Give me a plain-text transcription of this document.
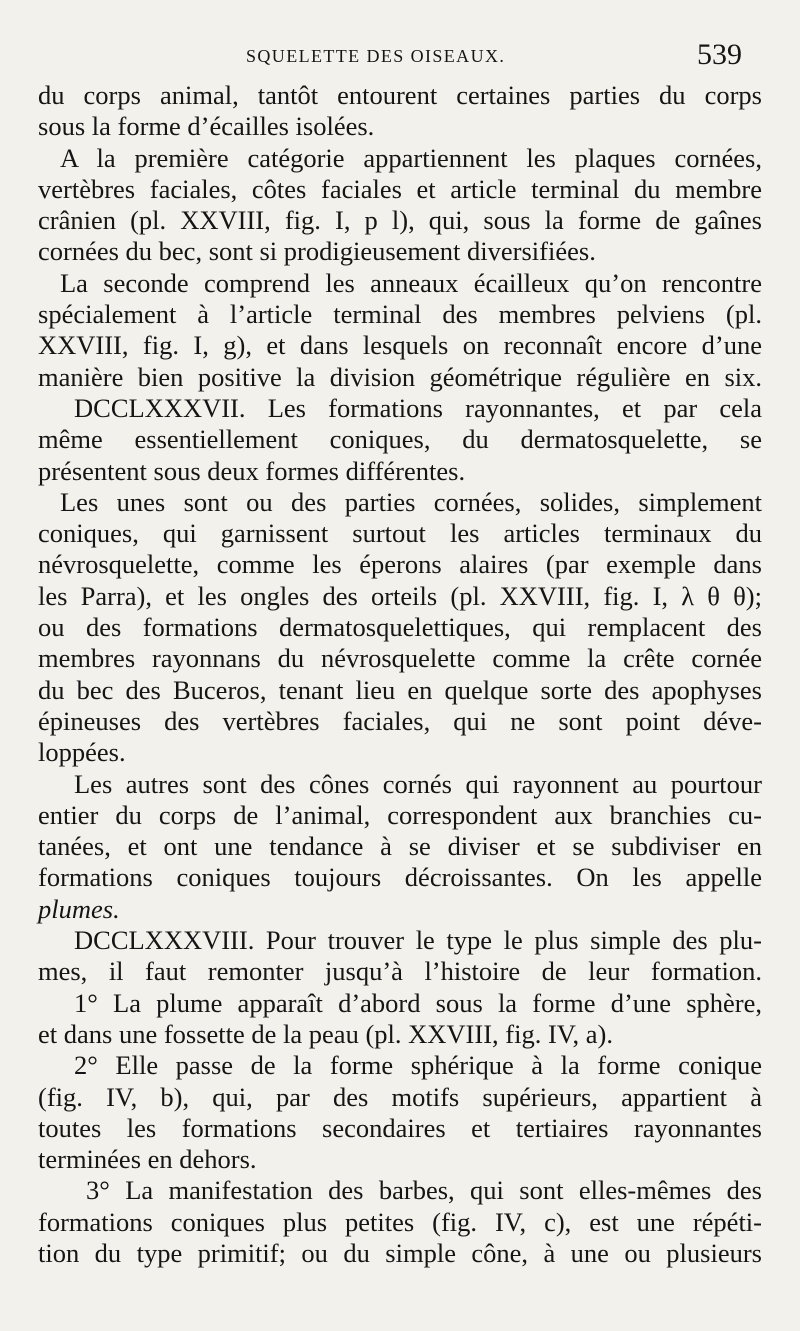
SQUELETTE DES OISEAUX.	539
du corps animal, tantôt entourent certaines parties du corps
sous la forme d’écailles isolées.
A la première catégorie appartiennent les plaques cornées,
vertèbres faciales, côtes faciales et article terminal du membre
crânien (pl. XXVIII, fig. I, p l), qui, sous la forme de gaînes
cornées du bec, sont si prodigieusement diversifiées.
La seconde comprend les anneaux écailleux qu’on rencontre
spécialement à l’article terminal des membres pelviens (pl.
XXVIII, fig. I, g), et dans lesquels on reconnaît encore d’une
manière bien positive la division géométrique régulière en six.
DCCLXXXVII. Les formations rayonnantes, et par cela
même essentiellement coniques, du dermatosquelette, se
présentent sous deux formes différentes.
Les unes sont ou des parties cornées, solides, simplement
coniques, qui garnissent surtout les articles terminaux du
névrosquelette, comme les éperons alaires (par exemple dans
les Parra), et les ongles des orteils (pl. XXVIII, fig. I, λ θ θ);
ou des formations dermatosquelettiques, qui remplacent des
membres rayonnans du névrosquelette comme la crête cornée
du bec des Buceros, tenant lieu en quelque sorte des apophyses
épineuses des vertèbres faciales, qui ne sont point déve-
loppées.
Les autres sont des cônes cornés qui rayonnent au pourtour
entier du corps de l’animal, correspondent aux branchies cu-
tanées, et ont une tendance à se diviser et se subdiviser en
formations coniques toujours décroissantes. On les appelle
plumes.
DCCLXXXVIII. Pour trouver le type le plus simple des plu-
mes, il faut remonter jusqu’à l’histoire de leur formation.
1° La plume apparaît d’abord sous la forme d’une sphère,
et dans une fossette de la peau (pl. XXVIII, fig. IV, a).
2° Elle passe de la forme sphérique à la forme conique
(fig. IV, b), qui, par des motifs supérieurs, appartient à
toutes les formations secondaires et tertiaires rayonnantes
terminées en dehors.
3° La manifestation des barbes, qui sont elles-mêmes des
formations coniques plus petites (fig. IV, c), est une répéti-
tion du type primitif; ou du simple cône, à une ou plusieurs
